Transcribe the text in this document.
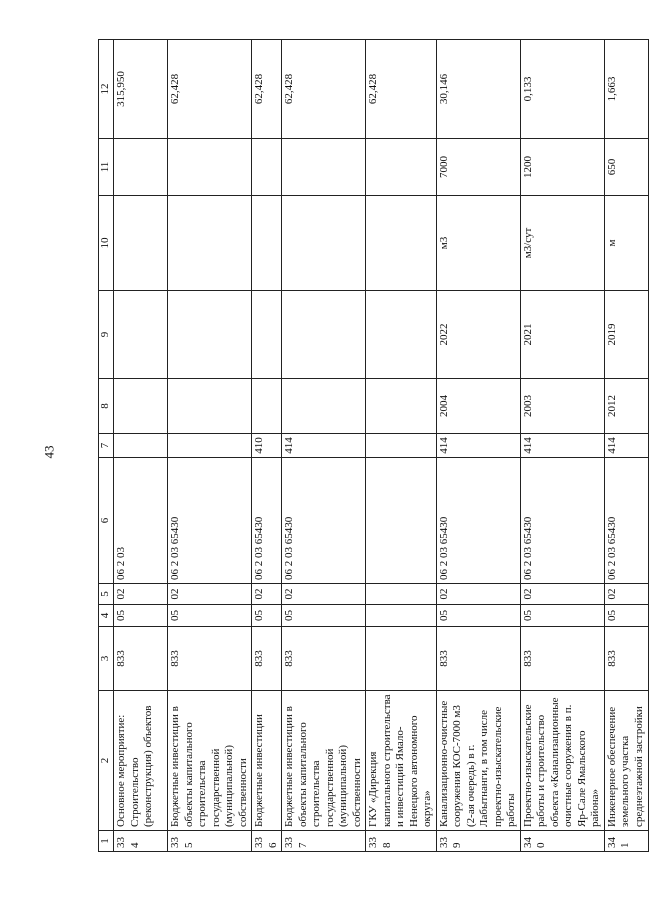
43
1	2	3	4	5	6	7	8	9	10	11	12
334	Основное мероприятие: Строительство (реконструкция) объектов	833	05	02	06 2 03						315,950
335	Бюджетные инвестиции в объекты капитального строительства государственной (муниципальной) собственности	833	05	02	06 2 03 65430						62,428
336	Бюджетные инвестиции	833	05	02	06 2 03 65430	410					62,428
337	Бюджетные инвестиции в объекты капитального строительства государственной (муниципальной) собственности	833	05	02	06 2 03 65430	414					62,428
338	ГКУ «Дирекция капитального строительства и инвестиций Ямало-Ненецкого автономного округа»										62,428
339	Канализационно-очистные сооружения КОС-7000 м3 (2-ая очередь) в г. Лабытнанги, в том числе проектно-изыскательские работы	833	05	02	06 2 03 65430	414	2004	2022	м3	7000	30,146
340	Проектно-изыскательские работы и строительство объекта «Канализационные очистные сооружения в п. Яр-Сале Ямальского района»	833	05	02	06 2 03 65430	414	2003	2021	м3/сут	1200	0,133
341	Инженерное обеспечение земельного участка среднеэтажной застройки	833	05	02	06 2 03 65430	414	2012	2019	м	650	1,663
